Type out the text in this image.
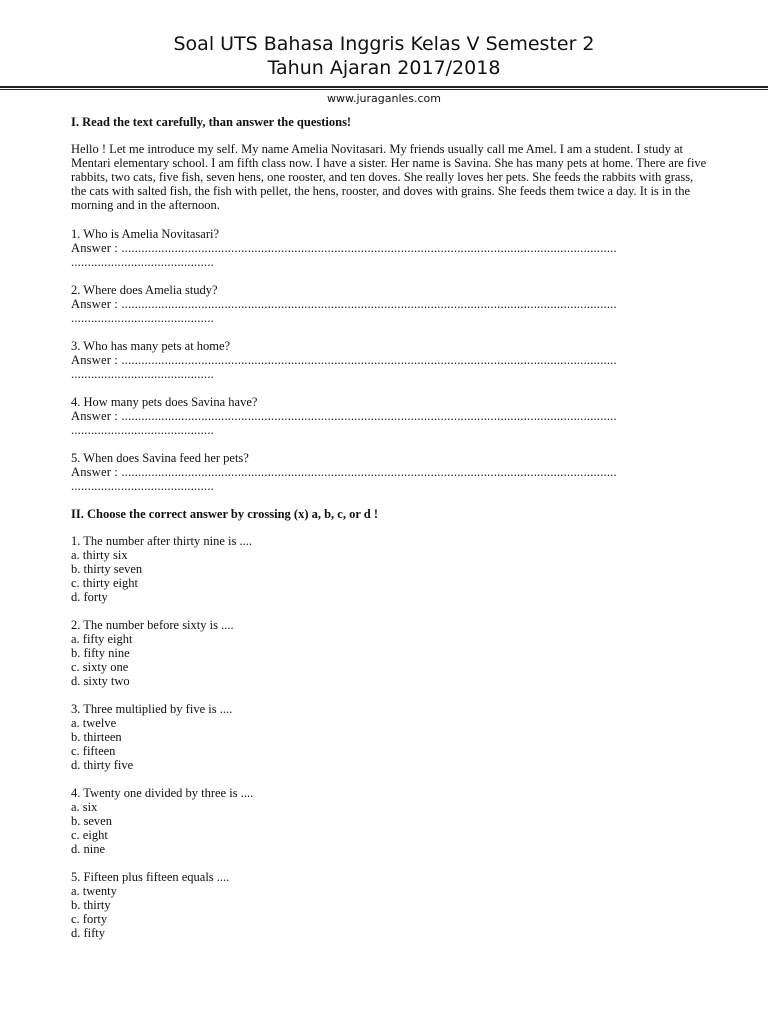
Soal UTS Bahasa Inggris Kelas V Semester 2
Tahun Ajaran 2017/2018
www.juraganles.com
I. Read the text carefully, than answer the questions!
Hello ! Let me introduce my self. My name Amelia Novitasari. My friends usually call me Amel. I am a student. I study at Mentari elementary school. I am fifth class now. I have a sister. Her name is Savina. She has many pets at home. There are five rabbits, two cats, five fish, seven hens, one rooster, and ten doves. She really loves her pets. She feeds the rabbits with grass, the cats with salted fish, the fish with pellet, the hens, rooster, and doves with grains. She feeds them twice a day. It is in the morning and in the afternoon.
1. Who is Amelia Novitasari?
Answer : .....................................................................................................................................................
...........................................
2. Where does Amelia study?
Answer : .....................................................................................................................................................
...........................................
3. Who has many pets at home?
Answer : .....................................................................................................................................................
...........................................
4. How many pets does Savina have?
Answer : .....................................................................................................................................................
...........................................
5. When does Savina feed her pets?
Answer : .....................................................................................................................................................
...........................................
II. Choose the correct answer by crossing (x) a, b, c, or d !
1. The number after thirty nine is ....
a. thirty six
b. thirty seven
c. thirty eight
d. forty
2. The number before sixty is ....
a. fifty eight
b. fifty nine
c. sixty one
d. sixty two
3. Three multiplied by five is ....
a. twelve
b. thirteen
c. fifteen
d. thirty five
4. Twenty one divided by three is ....
a. six
b. seven
c. eight
d. nine
5. Fifteen plus fifteen equals ....
a. twenty
b. thirty
c. forty
d. fifty
